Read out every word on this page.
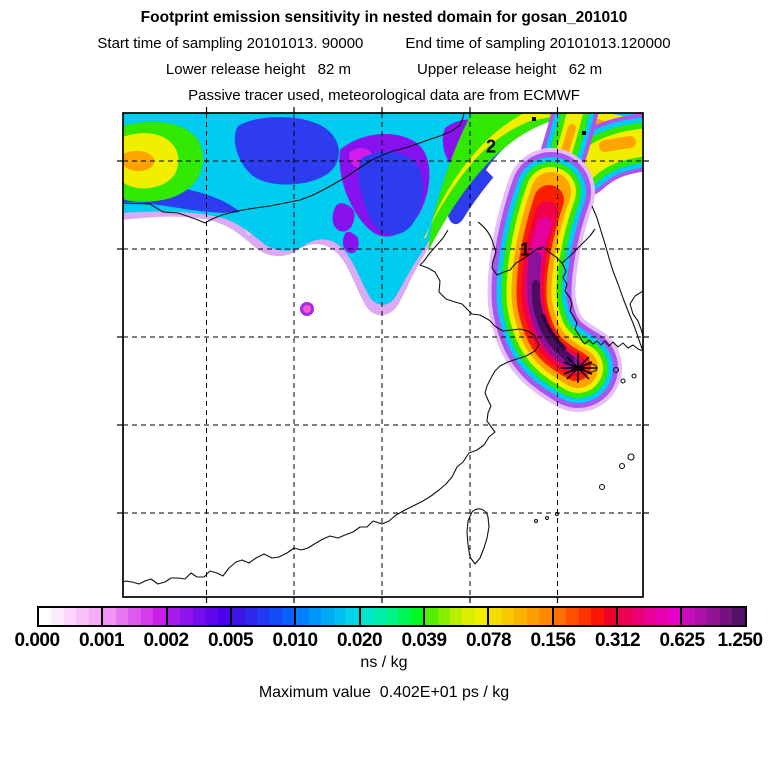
Footprint emission sensitivity in nested domain for gosan_201010
Start time of sampling 20101013. 90000	End time of sampling 20101013.120000
Lower release height   82 m	Upper release height   62 m
Passive tracer used, meteorological data are from ECMWF
2
1
0.000 0.001 0.002 0.005 0.010 0.020 0.039 0.078 0.156 0.312 0.625 1.250
ns / kg
Maximum value  0.402E+01 ps / kg
